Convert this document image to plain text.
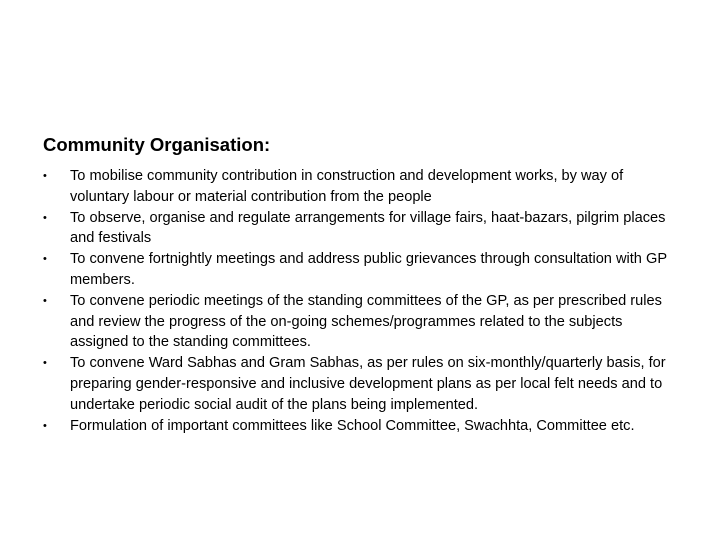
Community Organisation:
•	To mobilise community contribution in construction and development works, by way of voluntary labour or material contribution from the people
•	To observe, organise and regulate arrangements for village fairs, haat-bazars, pilgrim places and festivals
•	To convene fortnightly meetings and address public grievances through consultation with GP members.
•	To convene periodic meetings of the standing committees of the GP, as per prescribed rules and review the progress of the on-going schemes/programmes related to the subjects assigned to the standing committees.
•	To convene Ward Sabhas and Gram Sabhas, as per rules on six-monthly/quarterly basis, for preparing gender-responsive and inclusive development plans as per local felt needs and to undertake periodic social audit of the plans being implemented.
•	Formulation of important committees like School Committee, Swachhta, Committee etc.
